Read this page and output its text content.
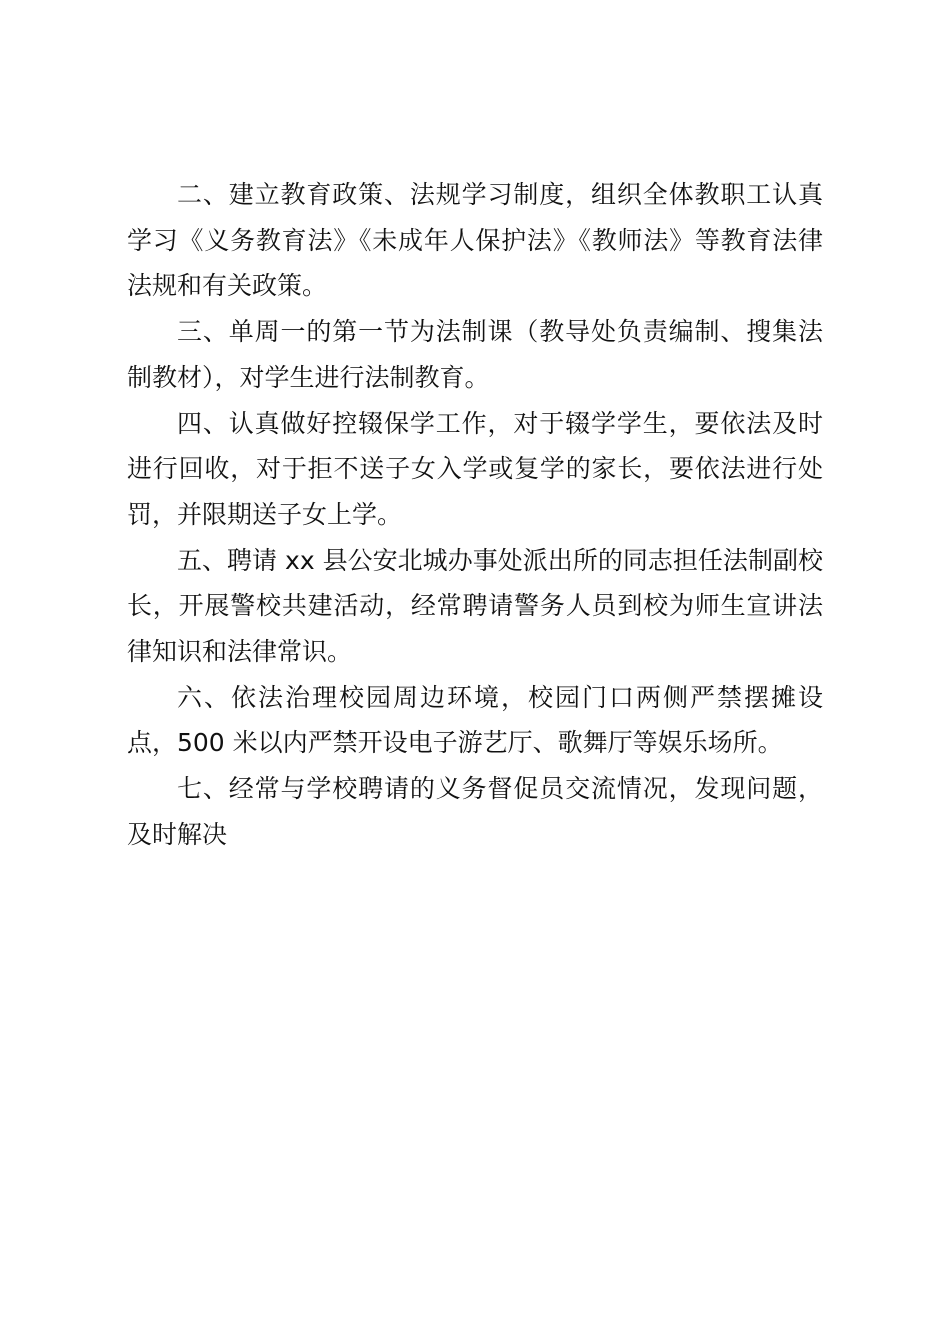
二、建立教育政策、法规学习制度，组织全体教职工认真学习《义务教育法》《未成年人保护法》《教师法》等教育法律法规和有关政策。

三、单周一的第一节为法制课（教导处负责编制、搜集法制教材），对学生进行法制教育。

四、认真做好控辍保学工作，对于辍学学生，要依法及时进行回收，对于拒不送子女入学或复学的家长，要依法进行处罚，并限期送子女上学。

五、聘请 xx 县公安北城办事处派出所的同志担任法制副校长，开展警校共建活动，经常聘请警务人员到校为师生宣讲法律知识和法律常识。

六、依法治理校园周边环境，校园门口两侧严禁摆摊设点，500 米以内严禁开设电子游艺厅、歌舞厅等娱乐场所。

七、经常与学校聘请的义务督促员交流情况，发现问题，及时解决
